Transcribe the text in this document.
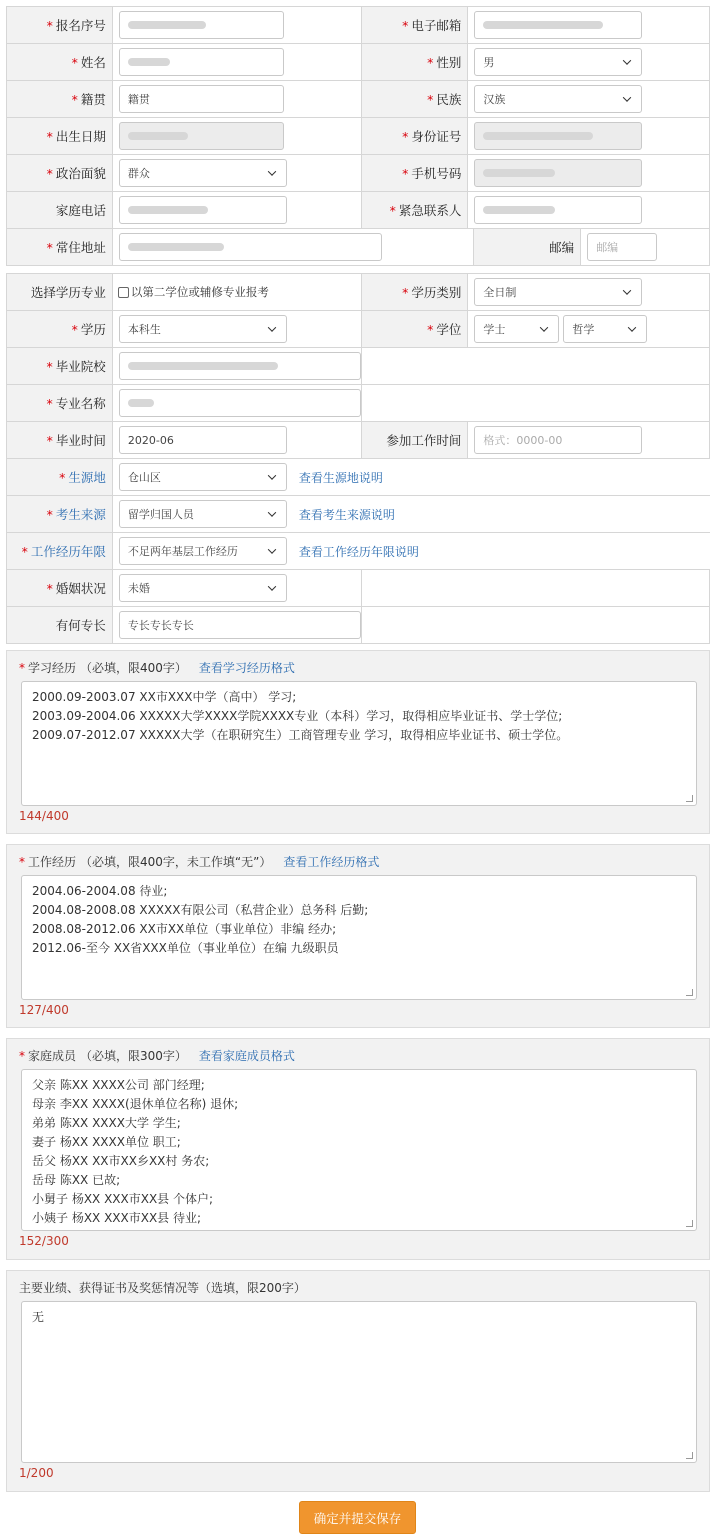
* 报名序号	* 电子邮箱
* 姓名	* 性别 男
* 籍贯 籍贯	* 民族 汉族
* 出生日期	* 身份证号
* 政治面貌 群众	* 手机号码
家庭电话	* 紧急联系人
* 常住地址	邮编 邮编
选择学历专业 以第二学位或辅修专业报考	* 学历类别 全日制
* 学历 本科生	* 学位 学士	哲学
* 毕业院校
* 专业名称
* 毕业时间 2020-06	参加工作时间 格式：0000-00
* 生源地 仓山区	查看生源地说明
* 考生来源 留学归国人员	查看考生来源说明
* 工作经历年限 不足两年基层工作经历	查看工作经历年限说明
* 婚姻状况 未婚
有何专长 专长专长专长
* 学习经历 （必填，限400字） 查看学习经历格式
2000.09-2003.07 XX市XXX中学（高中） 学习;
2003.09-2004.06 XXXXX大学XXXX学院XXXX专业（本科）学习，取得相应毕业证书、学士学位;
2009.07-2012.07 XXXXX大学（在职研究生）工商管理专业 学习，取得相应毕业证书、硕士学位。
144/400
* 工作经历 （必填，限400字，未工作填“无”） 查看工作经历格式
2004.06-2004.08 待业;
2004.08-2008.08 XXXXX有限公司（私营企业）总务科 后勤;
2008.08-2012.06 XX市XX单位（事业单位）非编 经办;
2012.06-至今 XX省XXX单位（事业单位）在编 九级职员
127/400
* 家庭成员 （必填，限300字） 查看家庭成员格式
父亲 陈XX XXXX公司 部门经理;
母亲 李XX XXXX(退休单位名称) 退休;
弟弟 陈XX XXXX大学 学生;
妻子 杨XX XXXX单位 职工;
岳父 杨XX XX市XX乡XX村 务农;
岳母 陈XX 已故;
小舅子 杨XX XXX市XX县 个体户;
小姨子 杨XX XXX市XX县 待业;
152/300
主要业绩、获得证书及奖惩情况等（选填，限200字）
无
1/200
确定并提交保存
